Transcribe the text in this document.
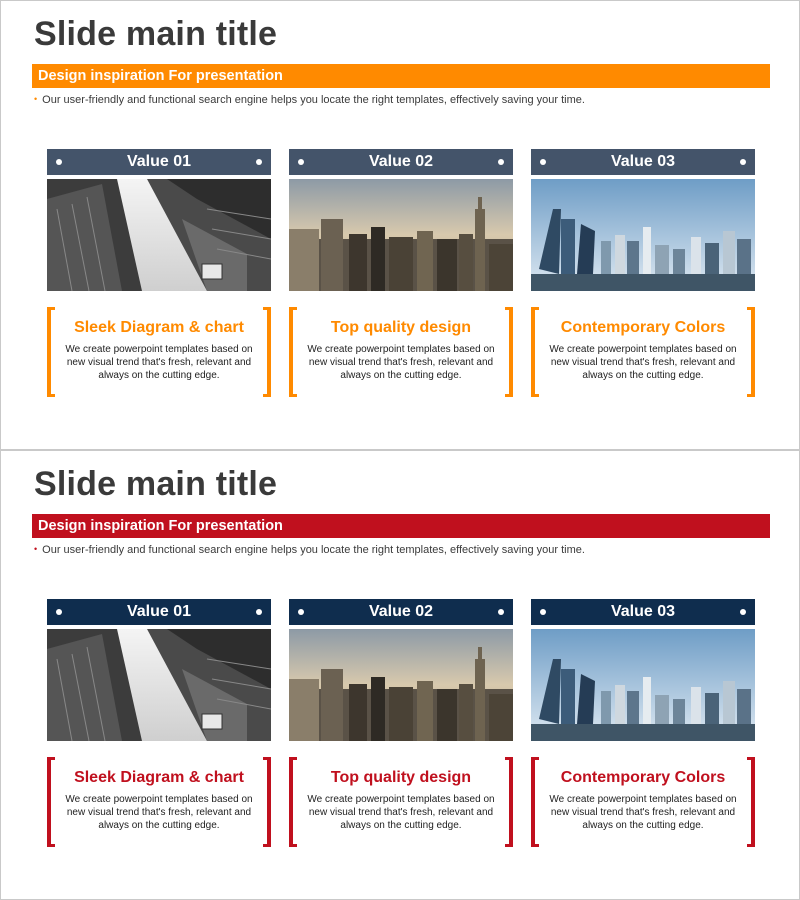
Slide main title
Design inspiration For presentation
• Our user-friendly and functional search engine helps you locate the right templates, effectively saving your time.
Value 01
Sleek Diagram & chart
We create powerpoint templates based on new visual trend that's fresh, relevant and always on the cutting edge.
Value 02
Top quality design
We create powerpoint templates based on new visual trend that's fresh, relevant and always on the cutting edge.
Value 03
Contemporary Colors
We create powerpoint templates based on new visual trend that's fresh, relevant and always on the cutting edge.
Slide main title
Design inspiration For presentation
• Our user-friendly and functional search engine helps you locate the right templates, effectively saving your time.
Value 01
Sleek Diagram & chart
We create powerpoint templates based on new visual trend that's fresh, relevant and always on the cutting edge.
Value 02
Top quality design
We create powerpoint templates based on new visual trend that's fresh, relevant and always on the cutting edge.
Value 03
Contemporary Colors
We create powerpoint templates based on new visual trend that's fresh, relevant and always on the cutting edge.
